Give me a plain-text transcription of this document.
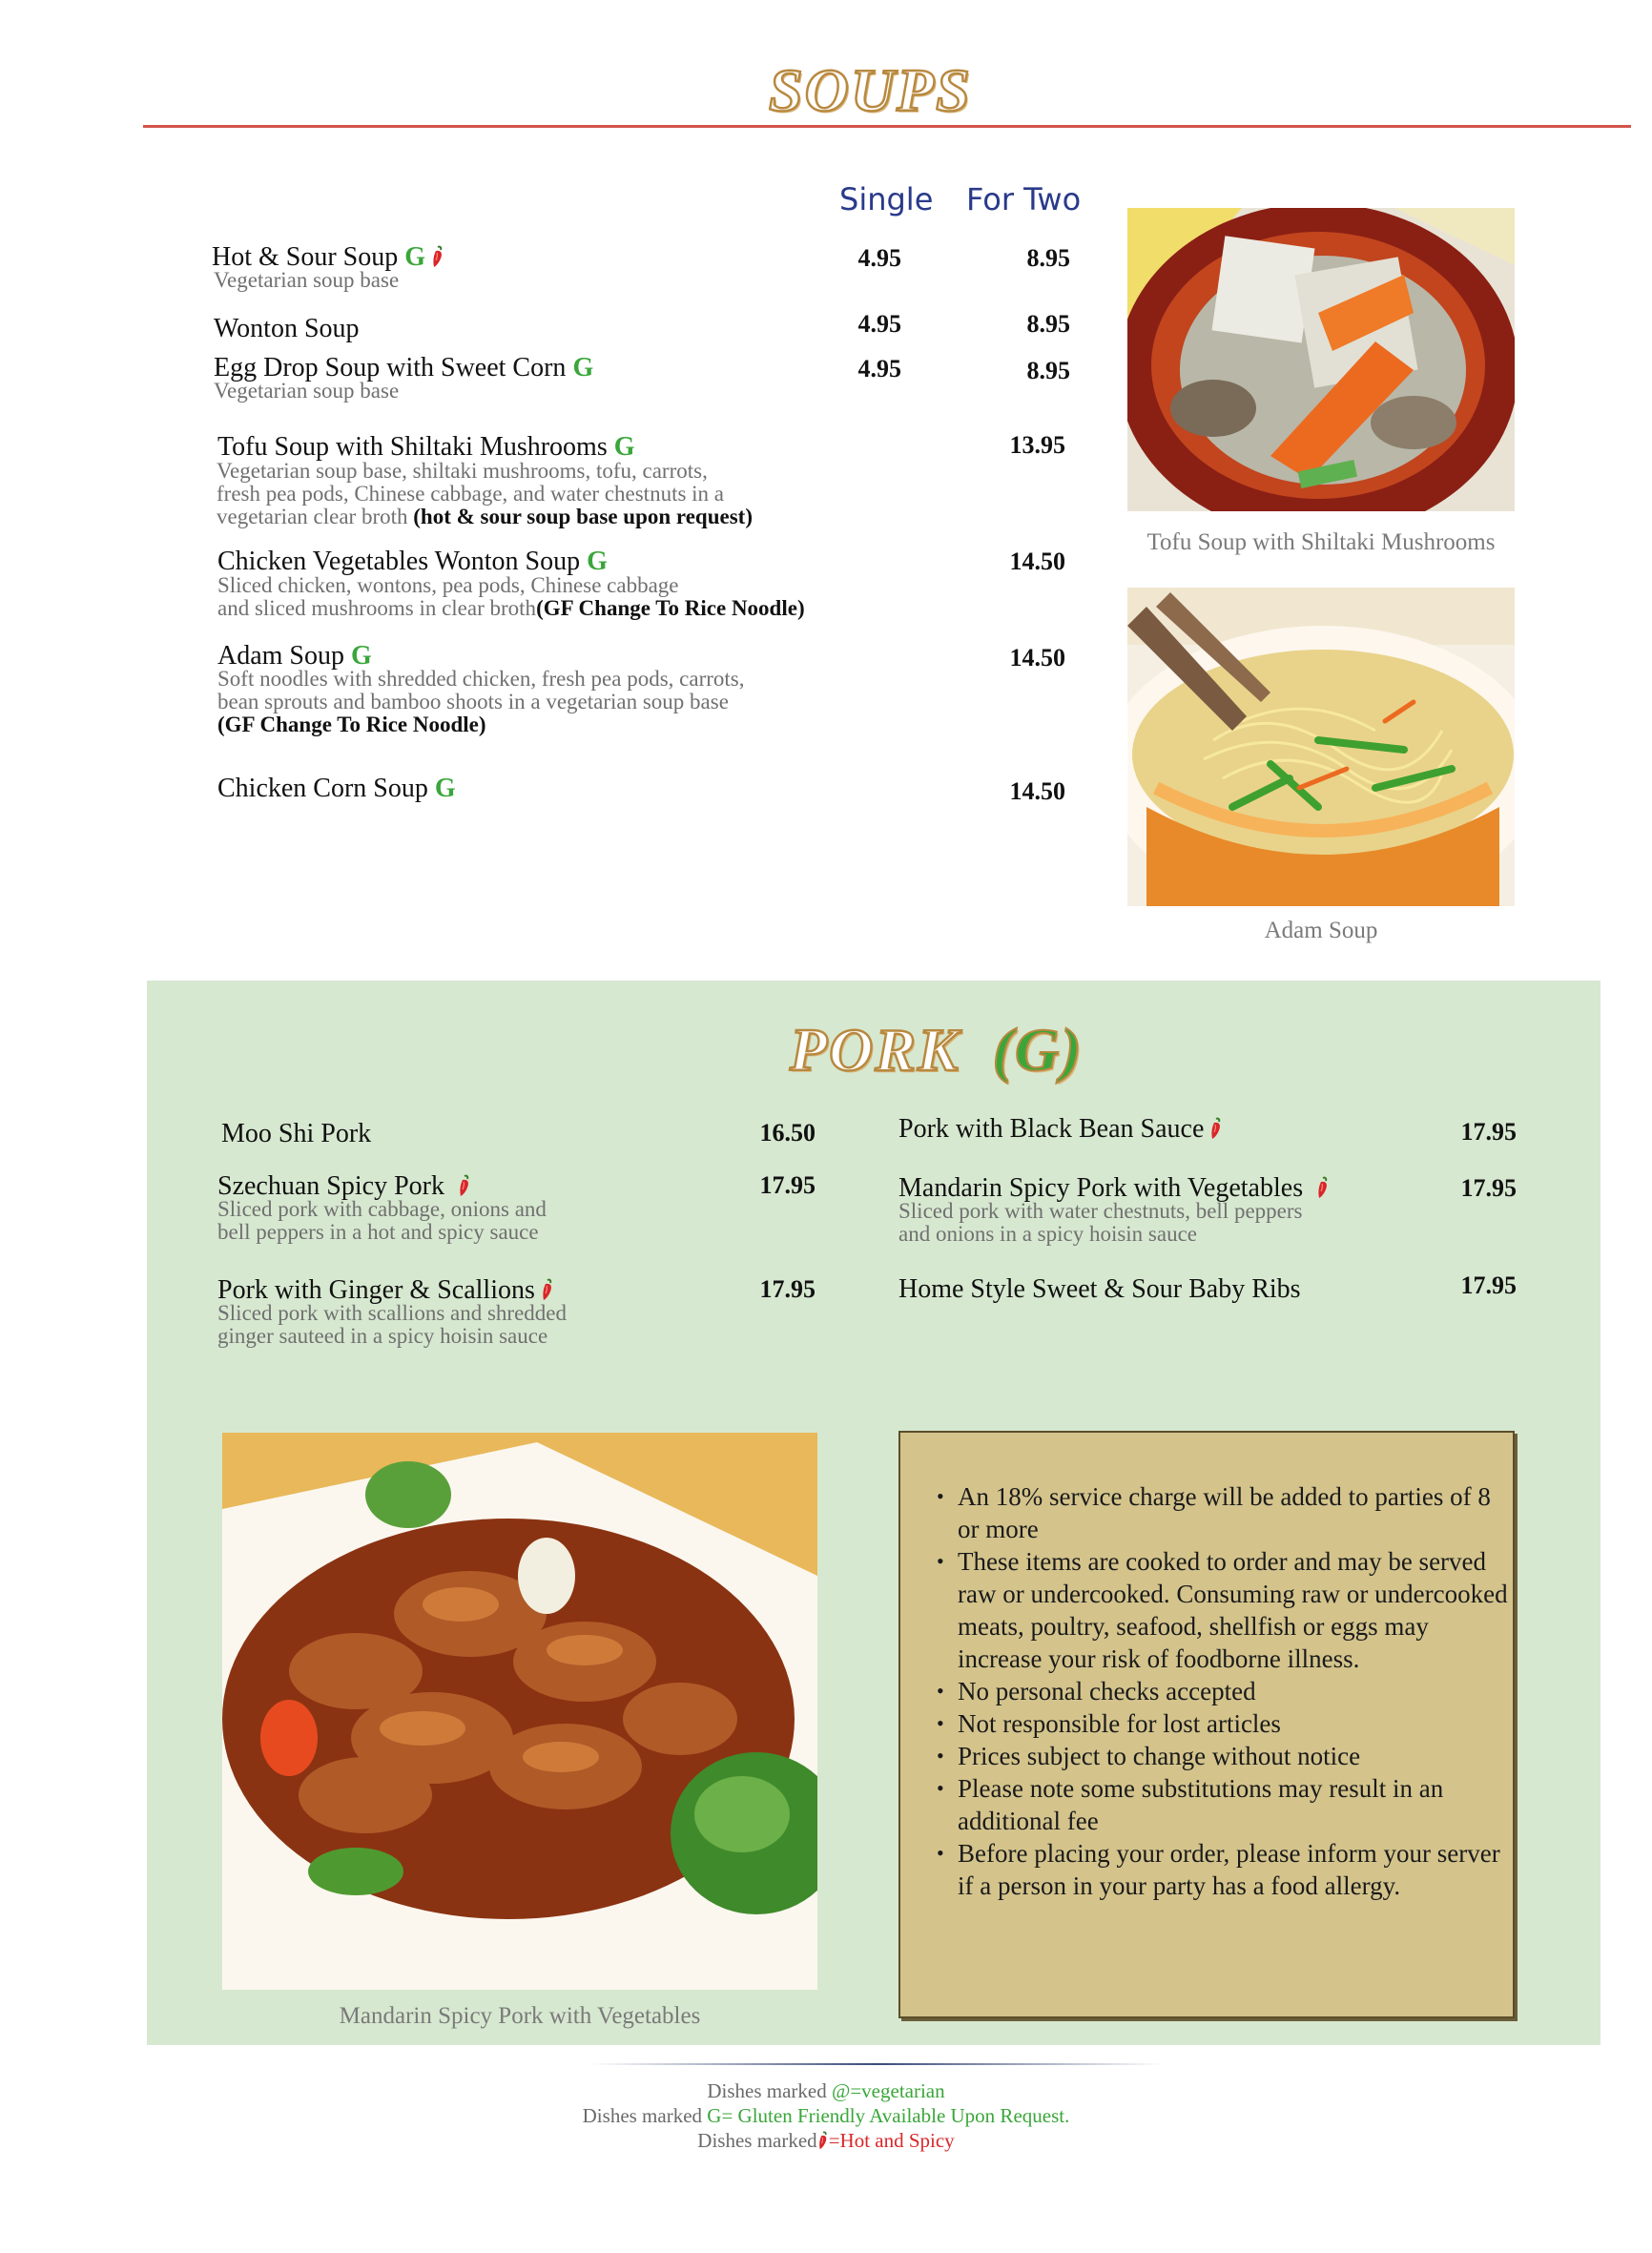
SOUPS
Single For Two
Hot & Sour Soup G
Vegetarian soup base
4.95	8.95
Wonton Soup	4.95	8.95
Egg Drop Soup with Sweet Corn G
Vegetarian soup base
4.95	8.95
Tofu Soup with Shiltaki Mushrooms G
Vegetarian soup base, shiltaki mushrooms, tofu, carrots,
fresh pea pods, Chinese cabbage, and water chestnuts in a
vegetarian clear broth (hot & sour soup base upon request)
13.95
Chicken Vegetables Wonton Soup G
Sliced chicken, wontons, pea pods, Chinese cabbage
and sliced mushrooms in clear broth(GF Change To Rice Noodle)
14.50
Adam Soup G
Soft noodles with shredded chicken, fresh pea pods, carrots,
bean sprouts and bamboo shoots in a vegetarian soup base
(GF Change To Rice Noodle)
14.50
Chicken Corn Soup G	14.50
Tofu Soup with Shiltaki Mushrooms
Adam Soup
PORK (G)
Moo Shi Pork	16.50
Szechuan Spicy Pork
Sliced pork with cabbage, onions and
bell peppers in a hot and spicy sauce
17.95
Pork with Ginger & Scallions
Sliced pork with scallions and shredded
ginger sauteed in a spicy hoisin sauce
17.95
Pork with Black Bean Sauce	17.95
Mandarin Spicy Pork with Vegetables
Sliced pork with water chestnuts, bell peppers
and onions in a spicy hoisin sauce
17.95
Home Style Sweet & Sour Baby Ribs	17.95
Mandarin Spicy Pork with Vegetables
• An 18% service charge will be added to parties of 8 or more
• These items are cooked to order and may be served raw or undercooked. Consuming raw or undercooked meats, poultry, seafood, shellfish or eggs may increase your risk of foodborne illness.
• No personal checks accepted
• Not responsible for lost articles
• Prices subject to change without notice
• Please note some substitutions may result in an additional fee
• Before placing your order, please inform your server if a person in your party has a food allergy.
Dishes marked @=vegetarian
Dishes marked G= Gluten Friendly Available Upon Request.
Dishes marked =Hot and Spicy
